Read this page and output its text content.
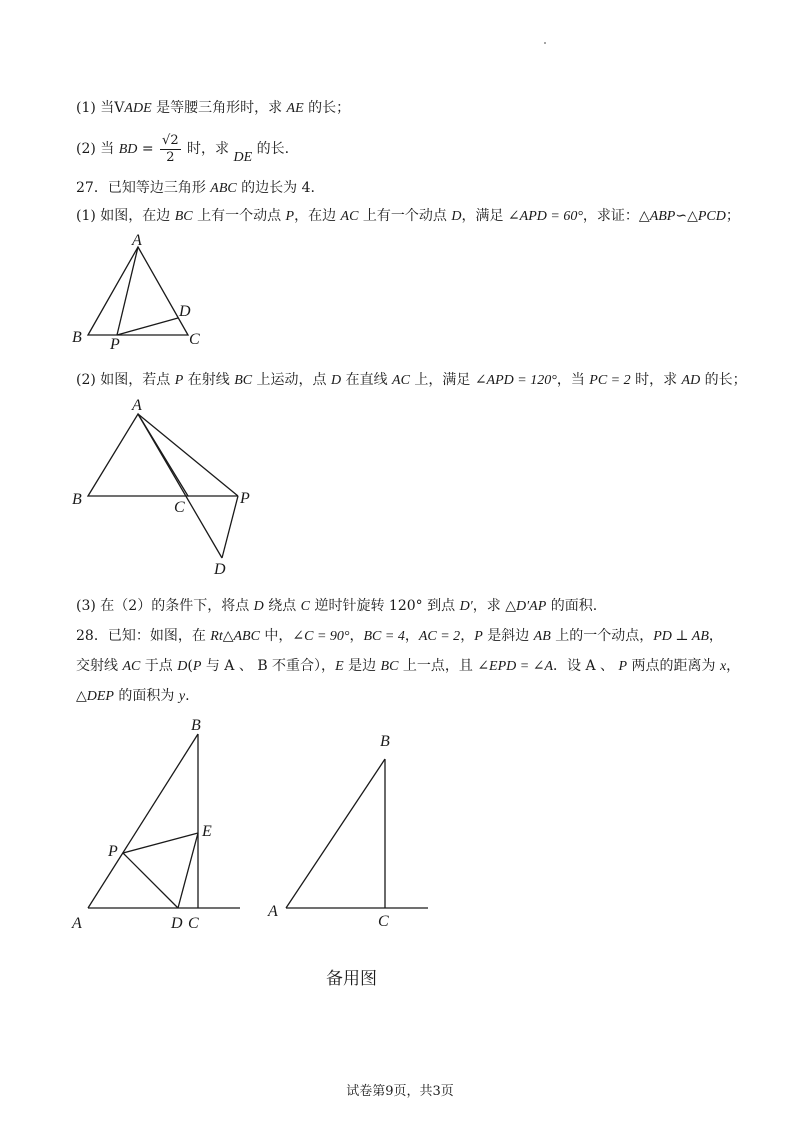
(1) 当VADE 是等腰三角形时，求 AE 的长；
(2) 当 BD = $\frac{√2}{2}$ 时，求 DE 的长.
27．已知等边三角形 ABC 的边长为 4.
(1) 如图，在边 BC 上有一个动点 P，在边 AC 上有一个动点 D，满足 ∠APD = 60°，求证：△ABP∽△PCD；
A
B	C
D
P
(2) 如图，若点 P 在射线 BC 上运动，点 D 在直线 AC 上，满足 ∠APD = 120°，当 PC = 2 时，求 AD 的长；
A
B	C
P
D
(3) 在（2）的条件下，将点 D 绕点 C 逆时针旋转 120° 到点 D′，求 △D′AP 的面积.
28．已知：如图，在 Rt△ABC 中，∠C = 90°，BC = 4，AC = 2，P 是斜边 AB 上的一个动点，PD ⊥ AB，
交射线 AC 于点 D(P 与 A 、 B 不重合），E 是边 BC 上一点，且 ∠EPD = ∠A．设 A 、 P 两点的距离为 x，
△DEP 的面积为 y.
B
E
P
A	D C
B
A
C
备用图
试卷第9页，共3页
